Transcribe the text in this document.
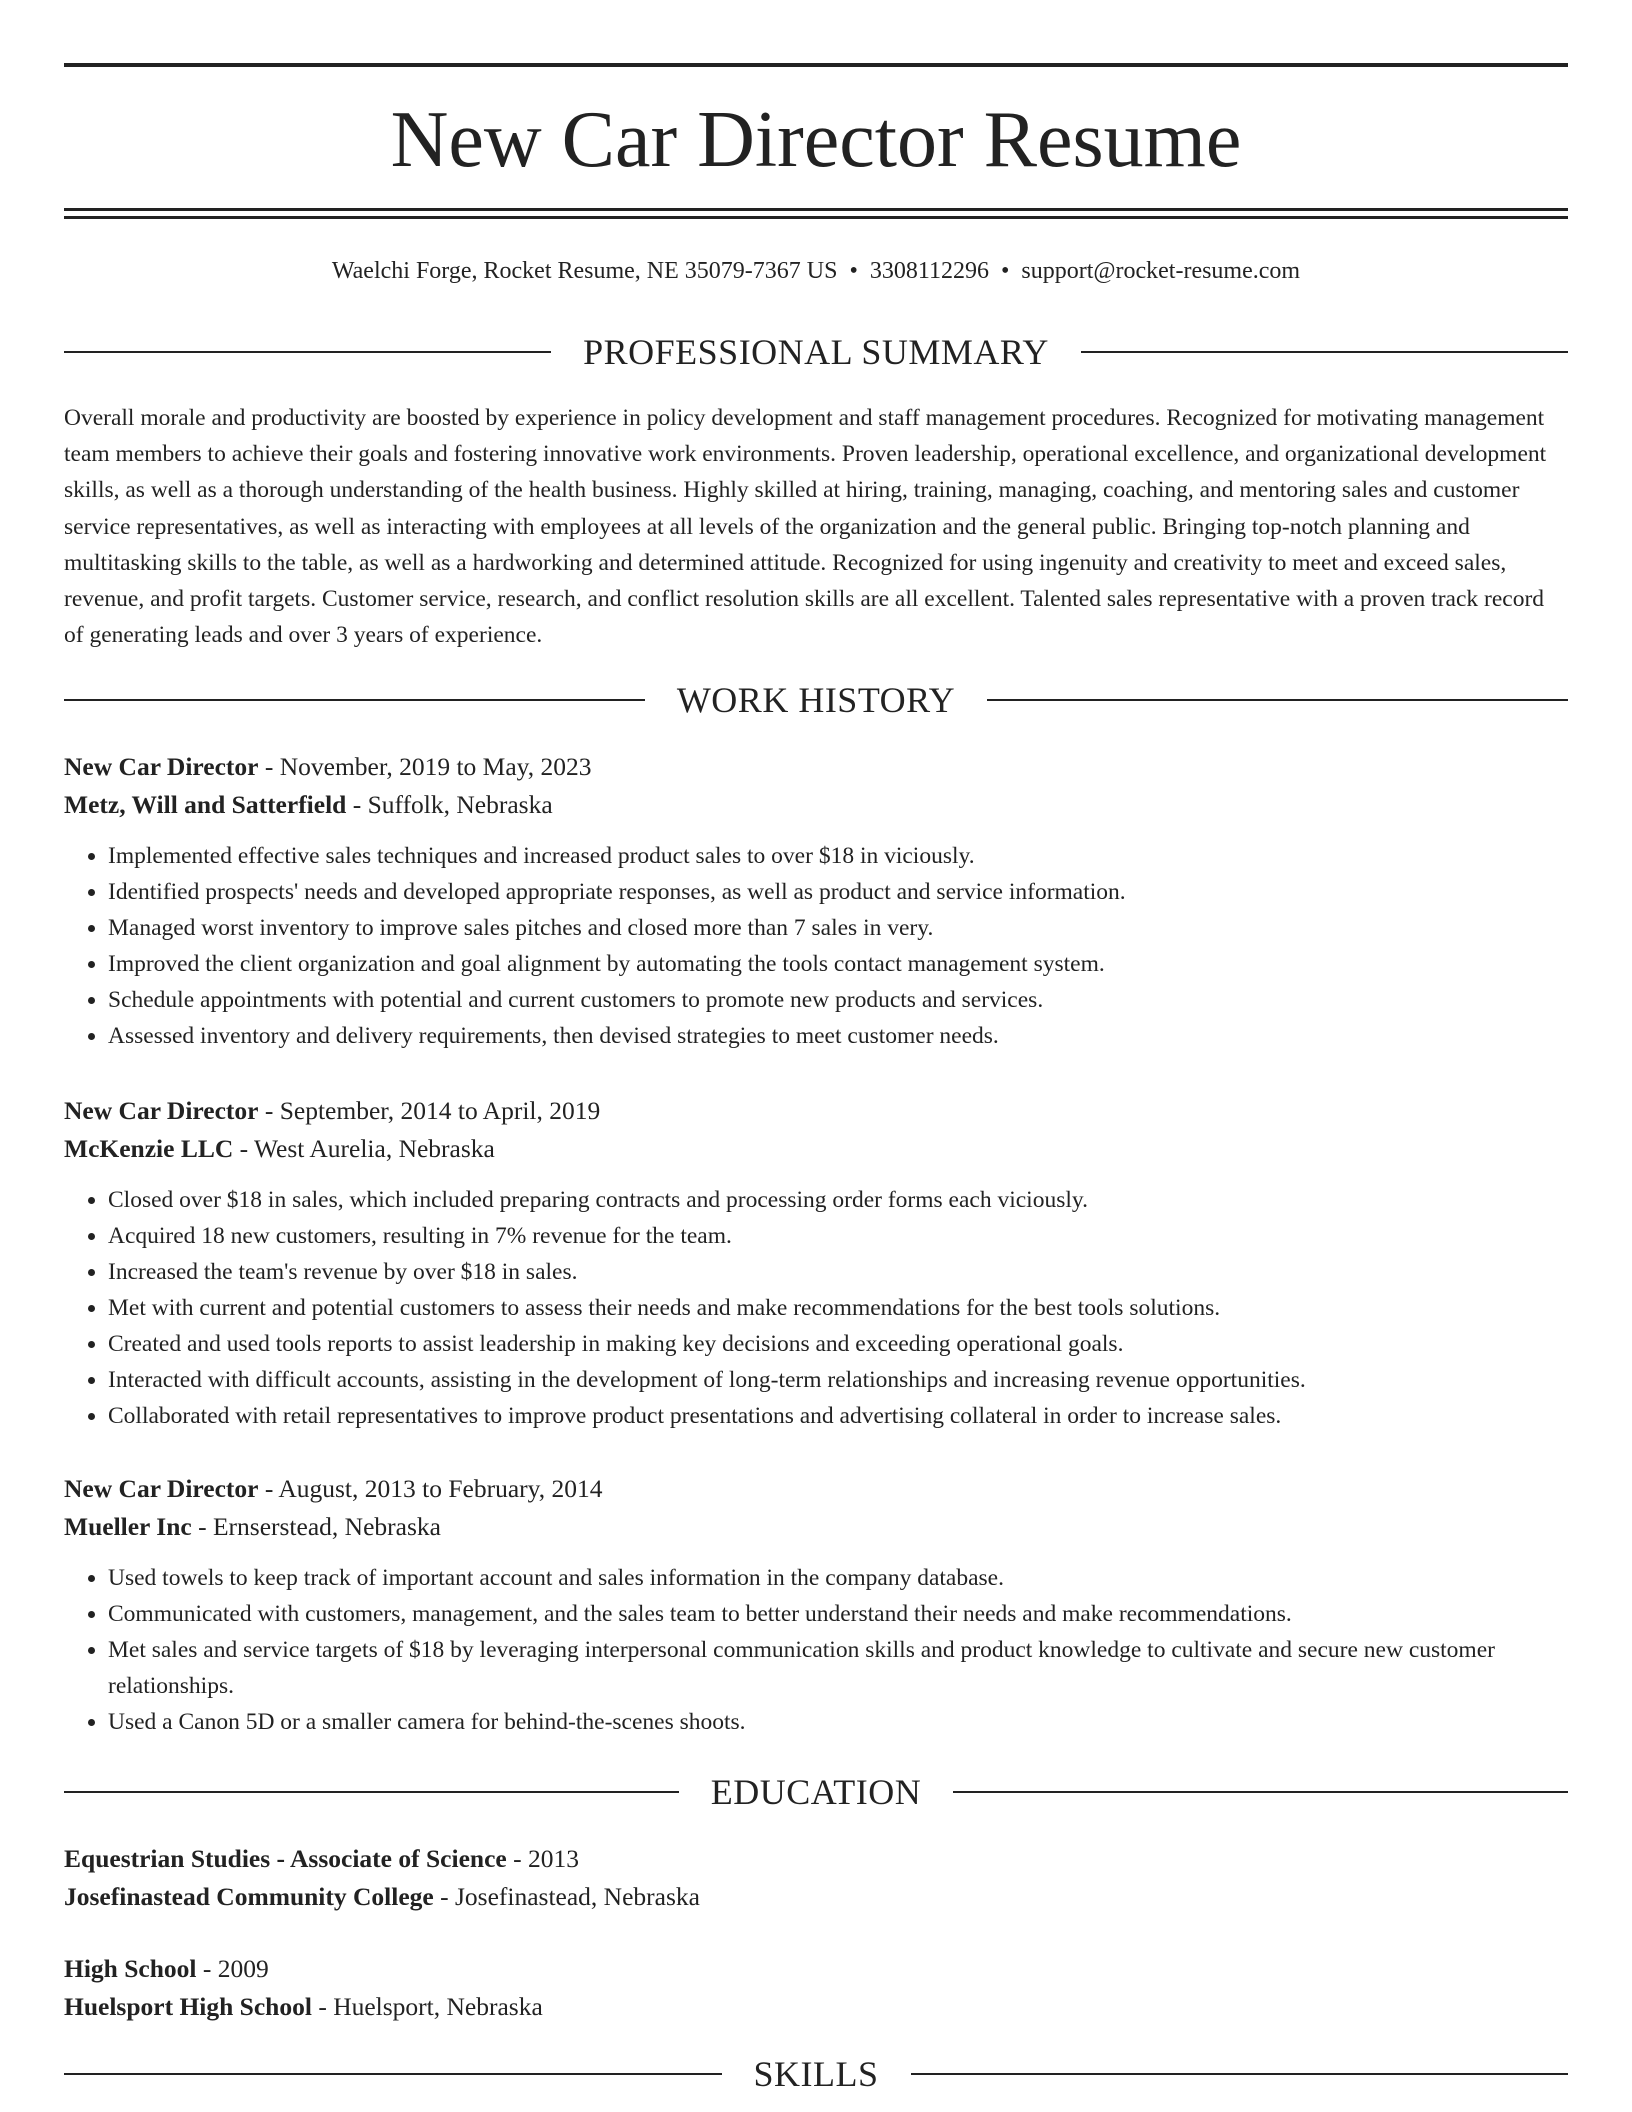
New Car Director Resume
Waelchi Forge, Rocket Resume, NE 35079-7367 US • 3308112296 • support@rocket-resume.com
PROFESSIONAL SUMMARY

Overall morale and productivity are boosted by experience in policy development and staff management procedures. Recognized for motivating management team members to achieve their goals and fostering innovative work environments. Proven leadership, operational excellence, and organizational development skills, as well as a thorough understanding of the health business. Highly skilled at hiring, training, managing, coaching, and mentoring sales and customer service representatives, as well as interacting with employees at all levels of the organization and the general public. Bringing top-notch planning and multitasking skills to the table, as well as a hardworking and determined attitude. Recognized for using ingenuity and creativity to meet and exceed sales, revenue, and profit targets. Customer service, research, and conflict resolution skills are all excellent. Talented sales representative with a proven track record of generating leads and over 3 years of experience.

WORK HISTORY
New Car Director - November, 2019 to May, 2023
Metz, Will and Satterfield - Suffolk, Nebraska
• Implemented effective sales techniques and increased product sales to over $18 in viciously.
• Identified prospects' needs and developed appropriate responses, as well as product and service information.
• Managed worst inventory to improve sales pitches and closed more than 7 sales in very.
• Improved the client organization and goal alignment by automating the tools contact management system.
• Schedule appointments with potential and current customers to promote new products and services.
• Assessed inventory and delivery requirements, then devised strategies to meet customer needs.
New Car Director - September, 2014 to April, 2019
McKenzie LLC - West Aurelia, Nebraska
• Closed over $18 in sales, which included preparing contracts and processing order forms each viciously.
• Acquired 18 new customers, resulting in 7% revenue for the team.
• Increased the team's revenue by over $18 in sales.
• Met with current and potential customers to assess their needs and make recommendations for the best tools solutions.
• Created and used tools reports to assist leadership in making key decisions and exceeding operational goals.
• Interacted with difficult accounts, assisting in the development of long-term relationships and increasing revenue opportunities.
• Collaborated with retail representatives to improve product presentations and advertising collateral in order to increase sales.
New Car Director - August, 2013 to February, 2014
Mueller Inc - Ernserstead, Nebraska
• Used towels to keep track of important account and sales information in the company database.
• Communicated with customers, management, and the sales team to better understand their needs and make recommendations.
• Met sales and service targets of $18 by leveraging interpersonal communication skills and product knowledge to cultivate and secure new customer relationships.
• Used a Canon 5D or a smaller camera for behind-the-scenes shoots.
EDUCATION
Equestrian Studies - Associate of Science - 2013
Josefinastead Community College - Josefinastead, Nebraska
High School - 2009
Huelsport High School - Huelsport, Nebraska
SKILLS
